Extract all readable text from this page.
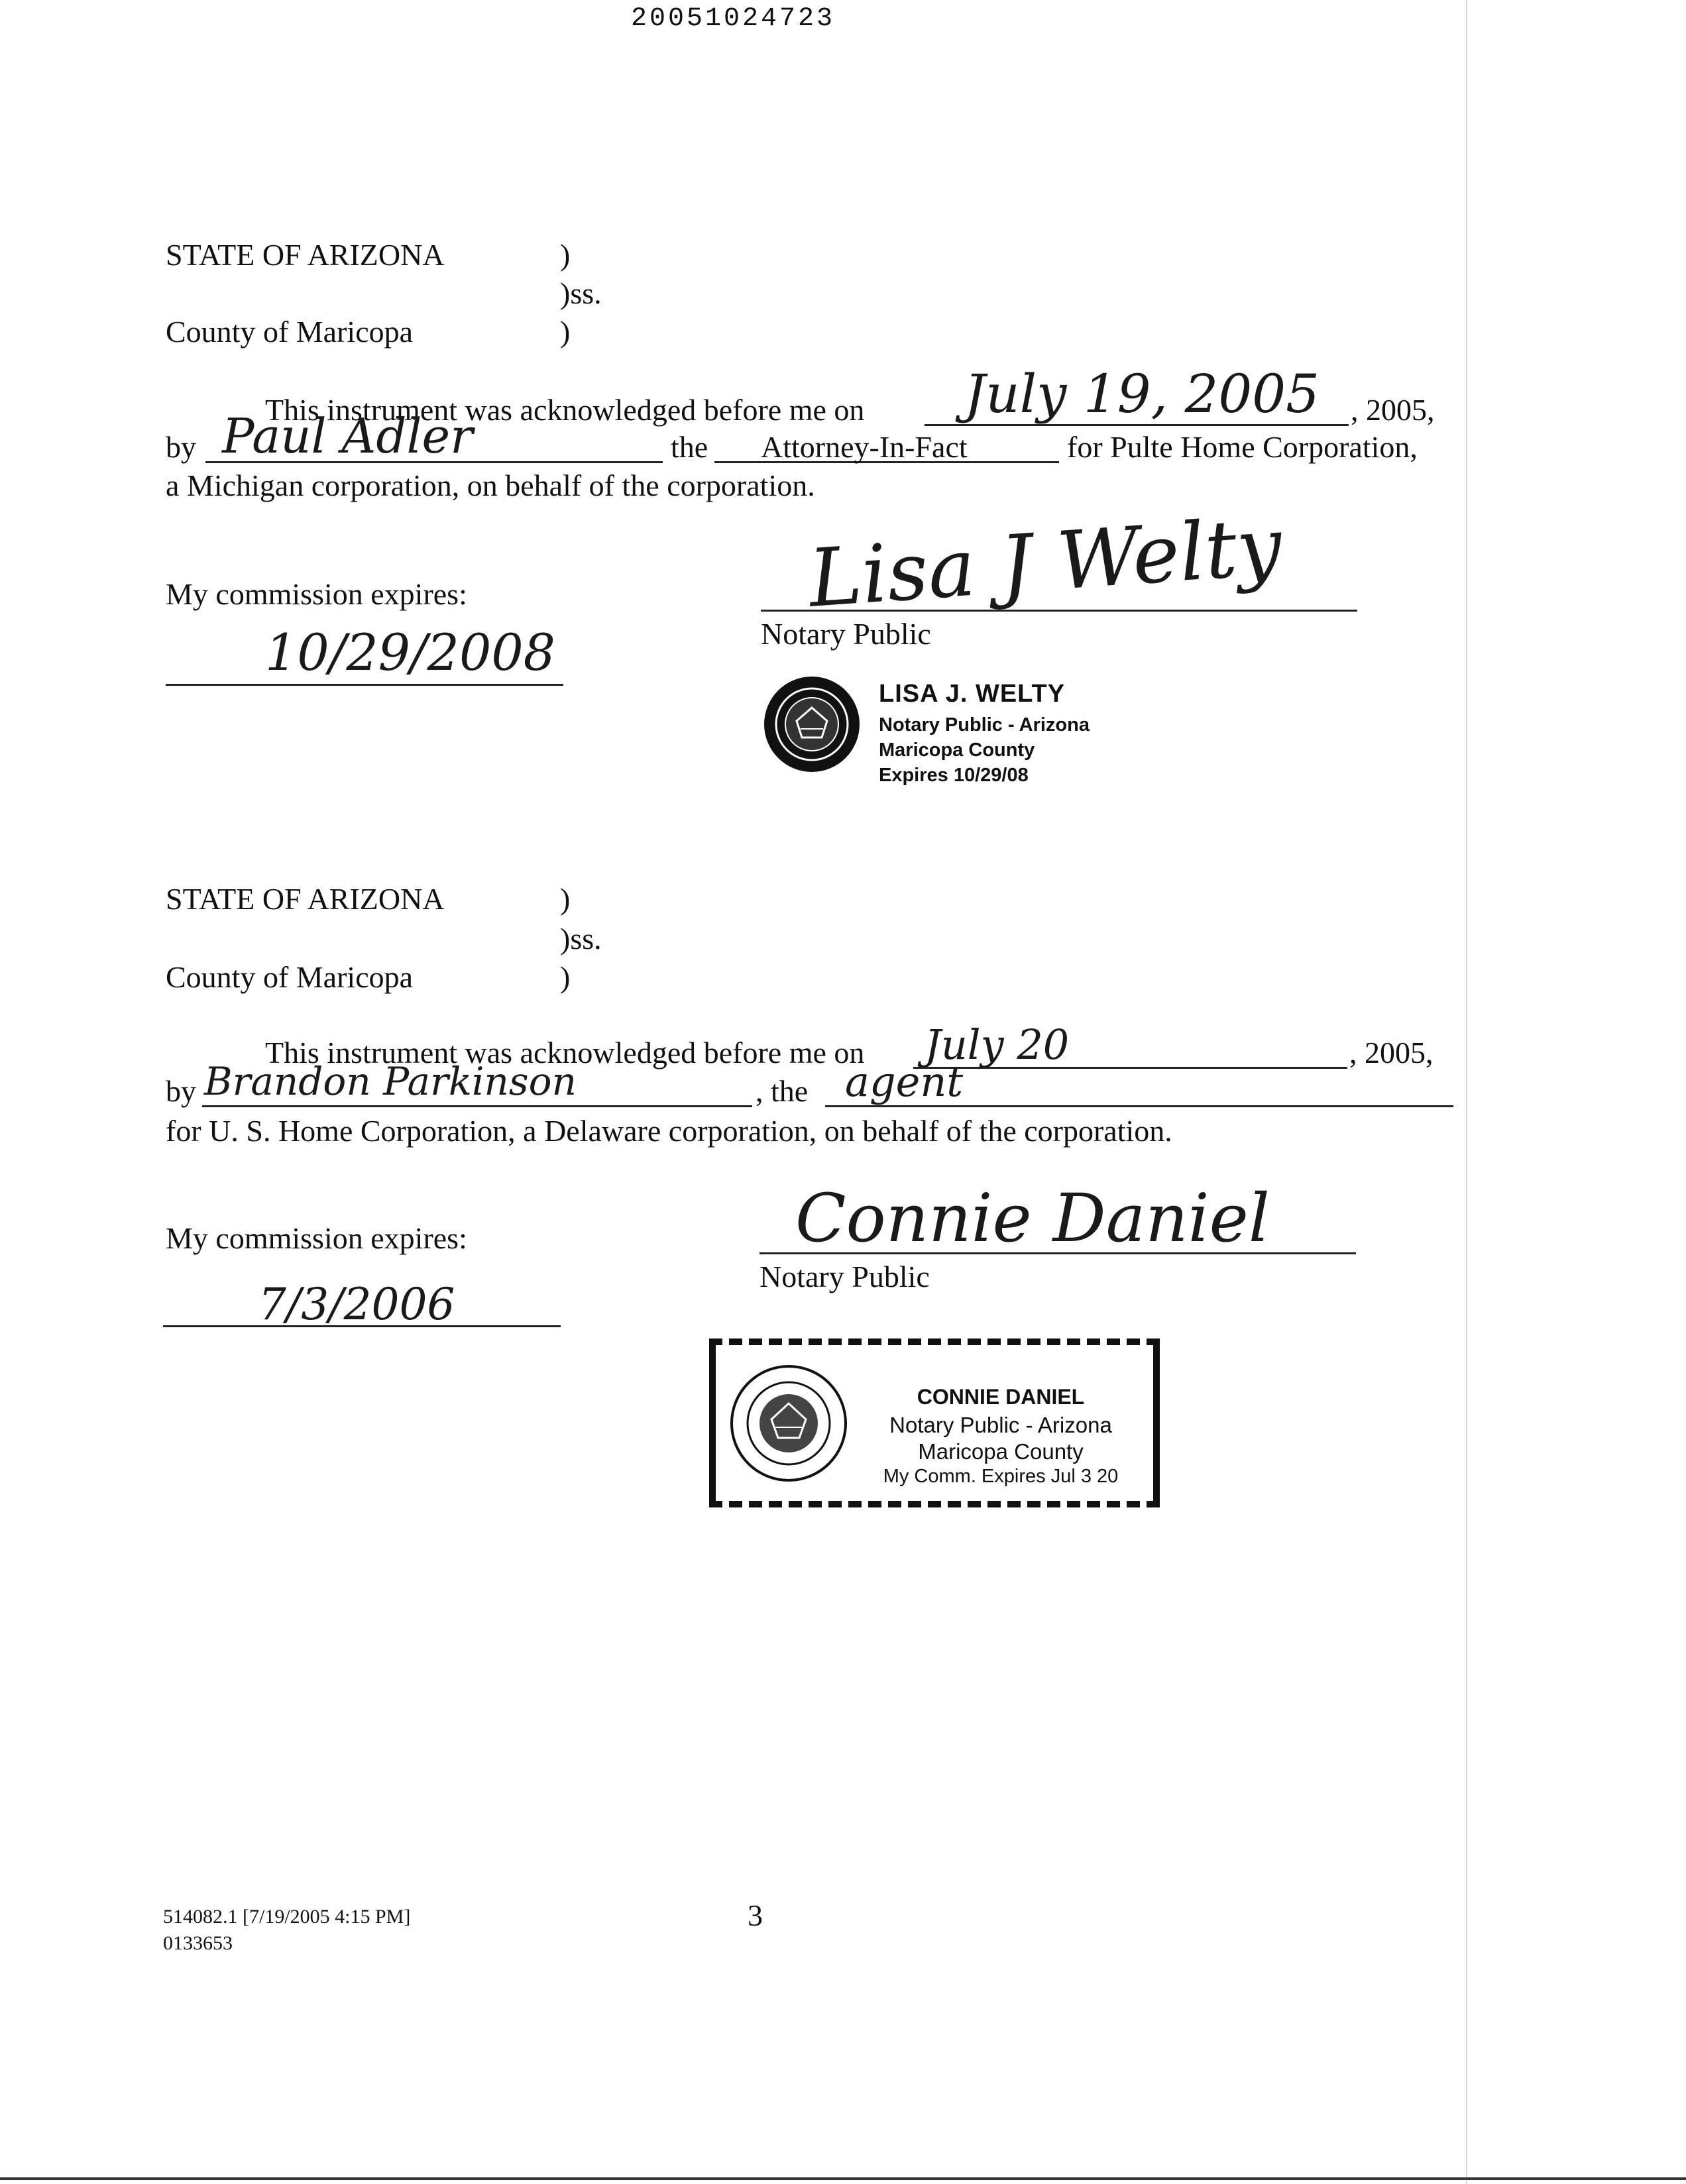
20051024723
STATE OF ARIZONA	)
)ss.
County of Maricopa	)
This instrument was acknowledged before me on July 19, 2005 , 2005,
by Paul Adler	the Attorney-In-Fact	for Pulte Home Corporation,
a Michigan corporation, on behalf of the corporation.
My commission expires:
10/29/2008
Lisa J Welty
Notary Public
LISA J. WELTY
Notary Public - Arizona
Maricopa County
Expires 10/29/08
STATE OF ARIZONA	)
)ss.
County of Maricopa	)
This instrument was acknowledged before me on July 20	, 2005,
by Brandon Parkinson	, the agent
for U. S. Home Corporation, a Delaware corporation, on behalf of the corporation.
My commission expires:
7/3/2006
Connie Daniel
Notary Public
CONNIE DANIEL
Notary Public - Arizona
Maricopa County
My Comm. Expires Jul 3 20
514082.1 [7/19/2005 4:15 PM]
0133653
3
